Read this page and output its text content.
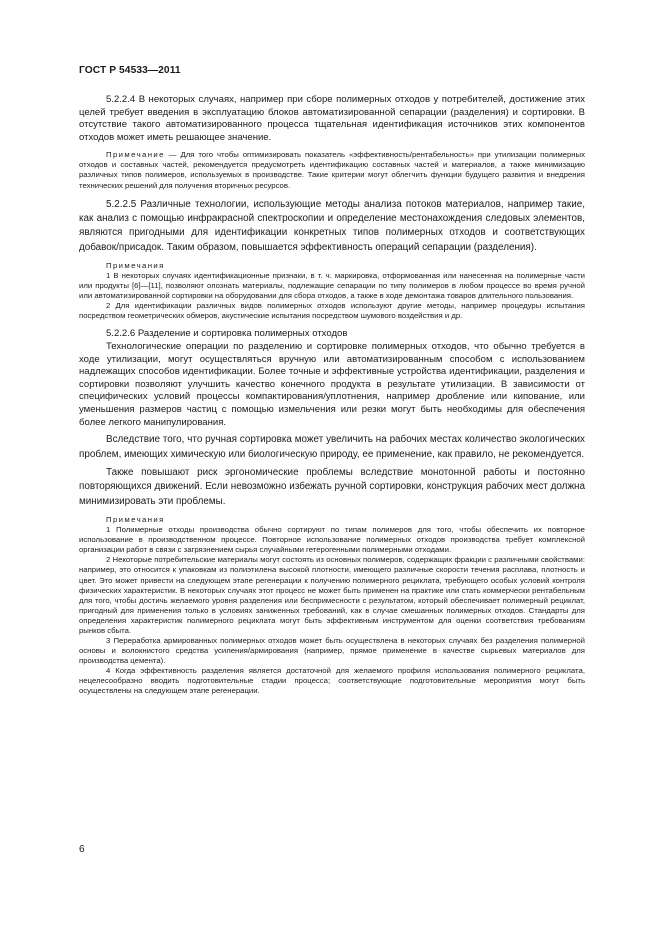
ГОСТ Р 54533—2011

5.2.2.4 В некоторых случаях, например при сборе полимерных отходов у потребителей, достижение этих целей требует введения в эксплуатацию блоков автоматизированной сепарации (разделения) и сортировки. В отсутствие такого автоматизированного процесса тщательная идентификация источников этих компонентов отходов может иметь решающее значение.

Примечание — Для того чтобы оптимизировать показатель «эффективность/рентабельность» при утилизации полимерных отходов и составных частей, рекомендуется предусмотреть идентификацию составных частей и материалов, а также минимизацию различных типов полимеров, используемых в производстве. Такие критерии могут облегчить функции будущего развития и внедрения технических решений для получения вторичных ресурсов.

5.2.2.5 Различные технологии, использующие методы анализа потоков материалов, например такие, как анализ с помощью инфракрасной спектроскопии и определение местонахождения следовых элементов, являются пригодными для идентификации конкретных типов полимерных отходов и соответствующих добавок/присадок. Таким образом, повышается эффективность операций сепарации (разделения).

Примечания

1 В некоторых случаях идентификационные признаки, в т. ч. маркировка, отформованная или нанесенная на полимерные части или продукты [6]—[11], позволяют опознать материалы, подлежащие сепарации по типу полимеров в любом процессе во время ручной или автоматизированной сортировки на оборудовании для сбора отходов, а также в ходе демонтажа товаров длительного пользования.

2 Для идентификации различных видов полимерных отходов используют другие методы, например процедуры испытания посредством геометрических обмеров, акустические испытания посредством шумового воздействия и др.

5.2.2.6 Разделение и сортировка полимерных отходов

Технологические операции по разделению и сортировке полимерных отходов, что обычно требуется в ходе утилизации, могут осуществляться вручную или автоматизированным способом с использованием надлежащих способов идентификации. Более точные и эффективные устройства идентификации, разделения и сортировки позволяют улучшить качество конечного продукта в результате утилизации. В зависимости от специфических условий процессы компактирования/уплотнения, например дробление или кипование, или уменьшения размеров частиц с помощью измельчения или резки могут быть необходимы для обеспечения более легкого манипулирования.

Вследствие того, что ручная сортировка может увеличить на рабочих местах количество экологических проблем, имеющих химическую или биологическую природу, ее применение, как правило, не рекомендуется.

Также повышают риск эргономические проблемы вследствие монотонной работы и постоянно повторяющихся движений. Если невозможно избежать ручной сортировки, конструкция рабочих мест должна минимизировать эти проблемы.

Примечания

1 Полимерные отходы производства обычно сортируют по типам полимеров для того, чтобы обеспечить их повторное использование в производственном процессе. Повторное использование полимерных отходов производства требует комплексной организации работ в связи с загрязнением сырья случайными гетерогенными полимерными отходами.

2 Некоторые потребительские материалы могут состоять из основных полимеров, содержащих фракции с различными свойствами: например, это относится к упаковкам из полиэтилена высокой плотности, имеющего различные скорости течения расплава, плотность и цвет. Это может привести на следующем этапе регенерации к получению полимерного рециклата, требующего особых условий контроля физических характеристик. В некоторых случаях этот процесс не может быть применен на практике или стать коммерчески рентабельным для того, чтобы достичь желаемого уровня разделения или беспримесности с результатом, который обеспечивает полимерный рециклат, пригодный для применения только в условиях заниженных требований, как в случае смешанных полимерных отходов. Стандарты для определения характеристик полимерного рециклата могут быть эффективным инструментом для оценки соответствия требованиям рынков сбыта.

3 Переработка армированных полимерных отходов может быть осуществлена в некоторых случаях без разделения полимерной основы и волокнистого средства усиления/армирования (например, прямое применение в качестве сырьевых материалов для производства цемента).

4 Когда эффективность разделения является достаточной для желаемого профиля использования полимерного рециклата, нецелесообразно вводить подготовительные стадии процесса; соответствующие подготовительные мероприятия могут быть осуществлены на следующем этапе регенерации.

6
